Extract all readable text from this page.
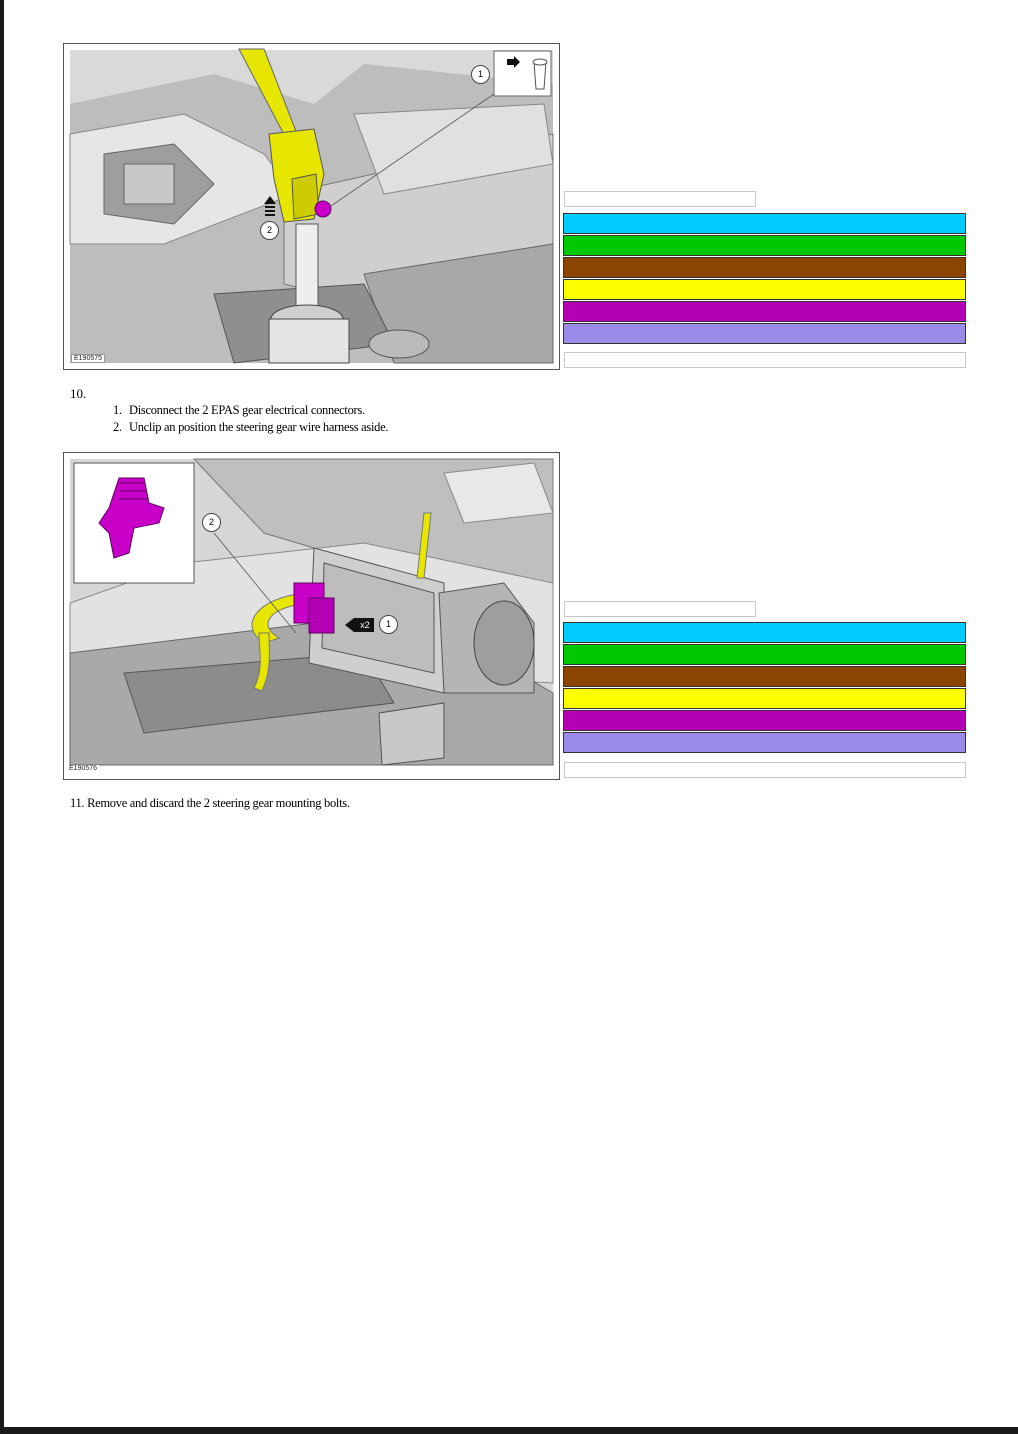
1
2
E190575
10.
1. Disconnect the 2 EPAS gear electrical connectors.
2. Unclip an position the steering gear wire harness aside.
2
1
x2
E190576
11. Remove and discard the 2 steering gear mounting bolts.
